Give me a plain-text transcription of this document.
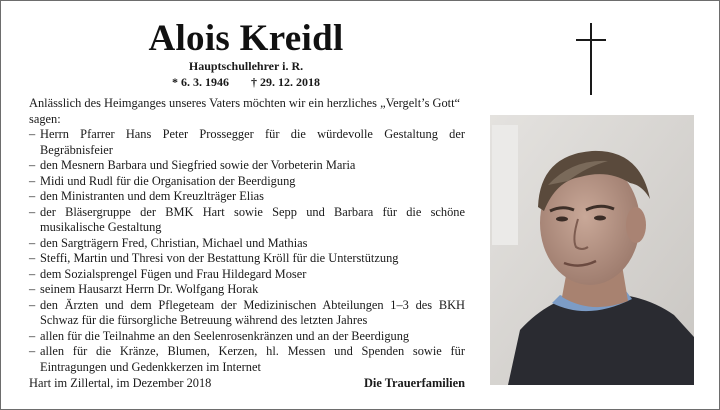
Alois Kreidl
Hauptschullehrer i. R.
* 6. 3. 1946 † 29. 12. 2018
Anlässlich des Heimganges unseres Vaters möchten wir ein herzliches „Vergelt’s Gott“ sagen:
– Herrn Pfarrer Hans Peter Prossegger für die würdevolle Gestaltung der Begräbnisfeier
– den Mesnern Barbara und Siegfried sowie der Vorbeterin Maria
– Midi und Rudl für die Organisation der Beerdigung
– den Ministranten und dem Kreuzlträger Elias
– der Bläsergruppe der BMK Hart sowie Sepp und Barbara für die schöne musikalische Gestaltung
– den Sargträgern Fred, Christian, Michael und Mathias
– Steffi, Martin und Thresi von der Bestattung Kröll für die Unterstützung
– dem Sozialsprengel Fügen und Frau Hildegard Moser
– seinem Hausarzt Herrn Dr. Wolfgang Horak
– den Ärzten und dem Pflegeteam der Medizinischen Abteilungen 1–3 des BKH Schwaz für die fürsorgliche Betreuung während des letzten Jahres
– allen für die Teilnahme an den Seelenrosenkränzen und an der Beerdigung
– allen für die Kränze, Blumen, Kerzen, hl. Messen und Spenden sowie für Eintragungen und Gedenkkerzen im Internet
Hart im Zillertal, im Dezember 2018	Die Trauerfamilien
